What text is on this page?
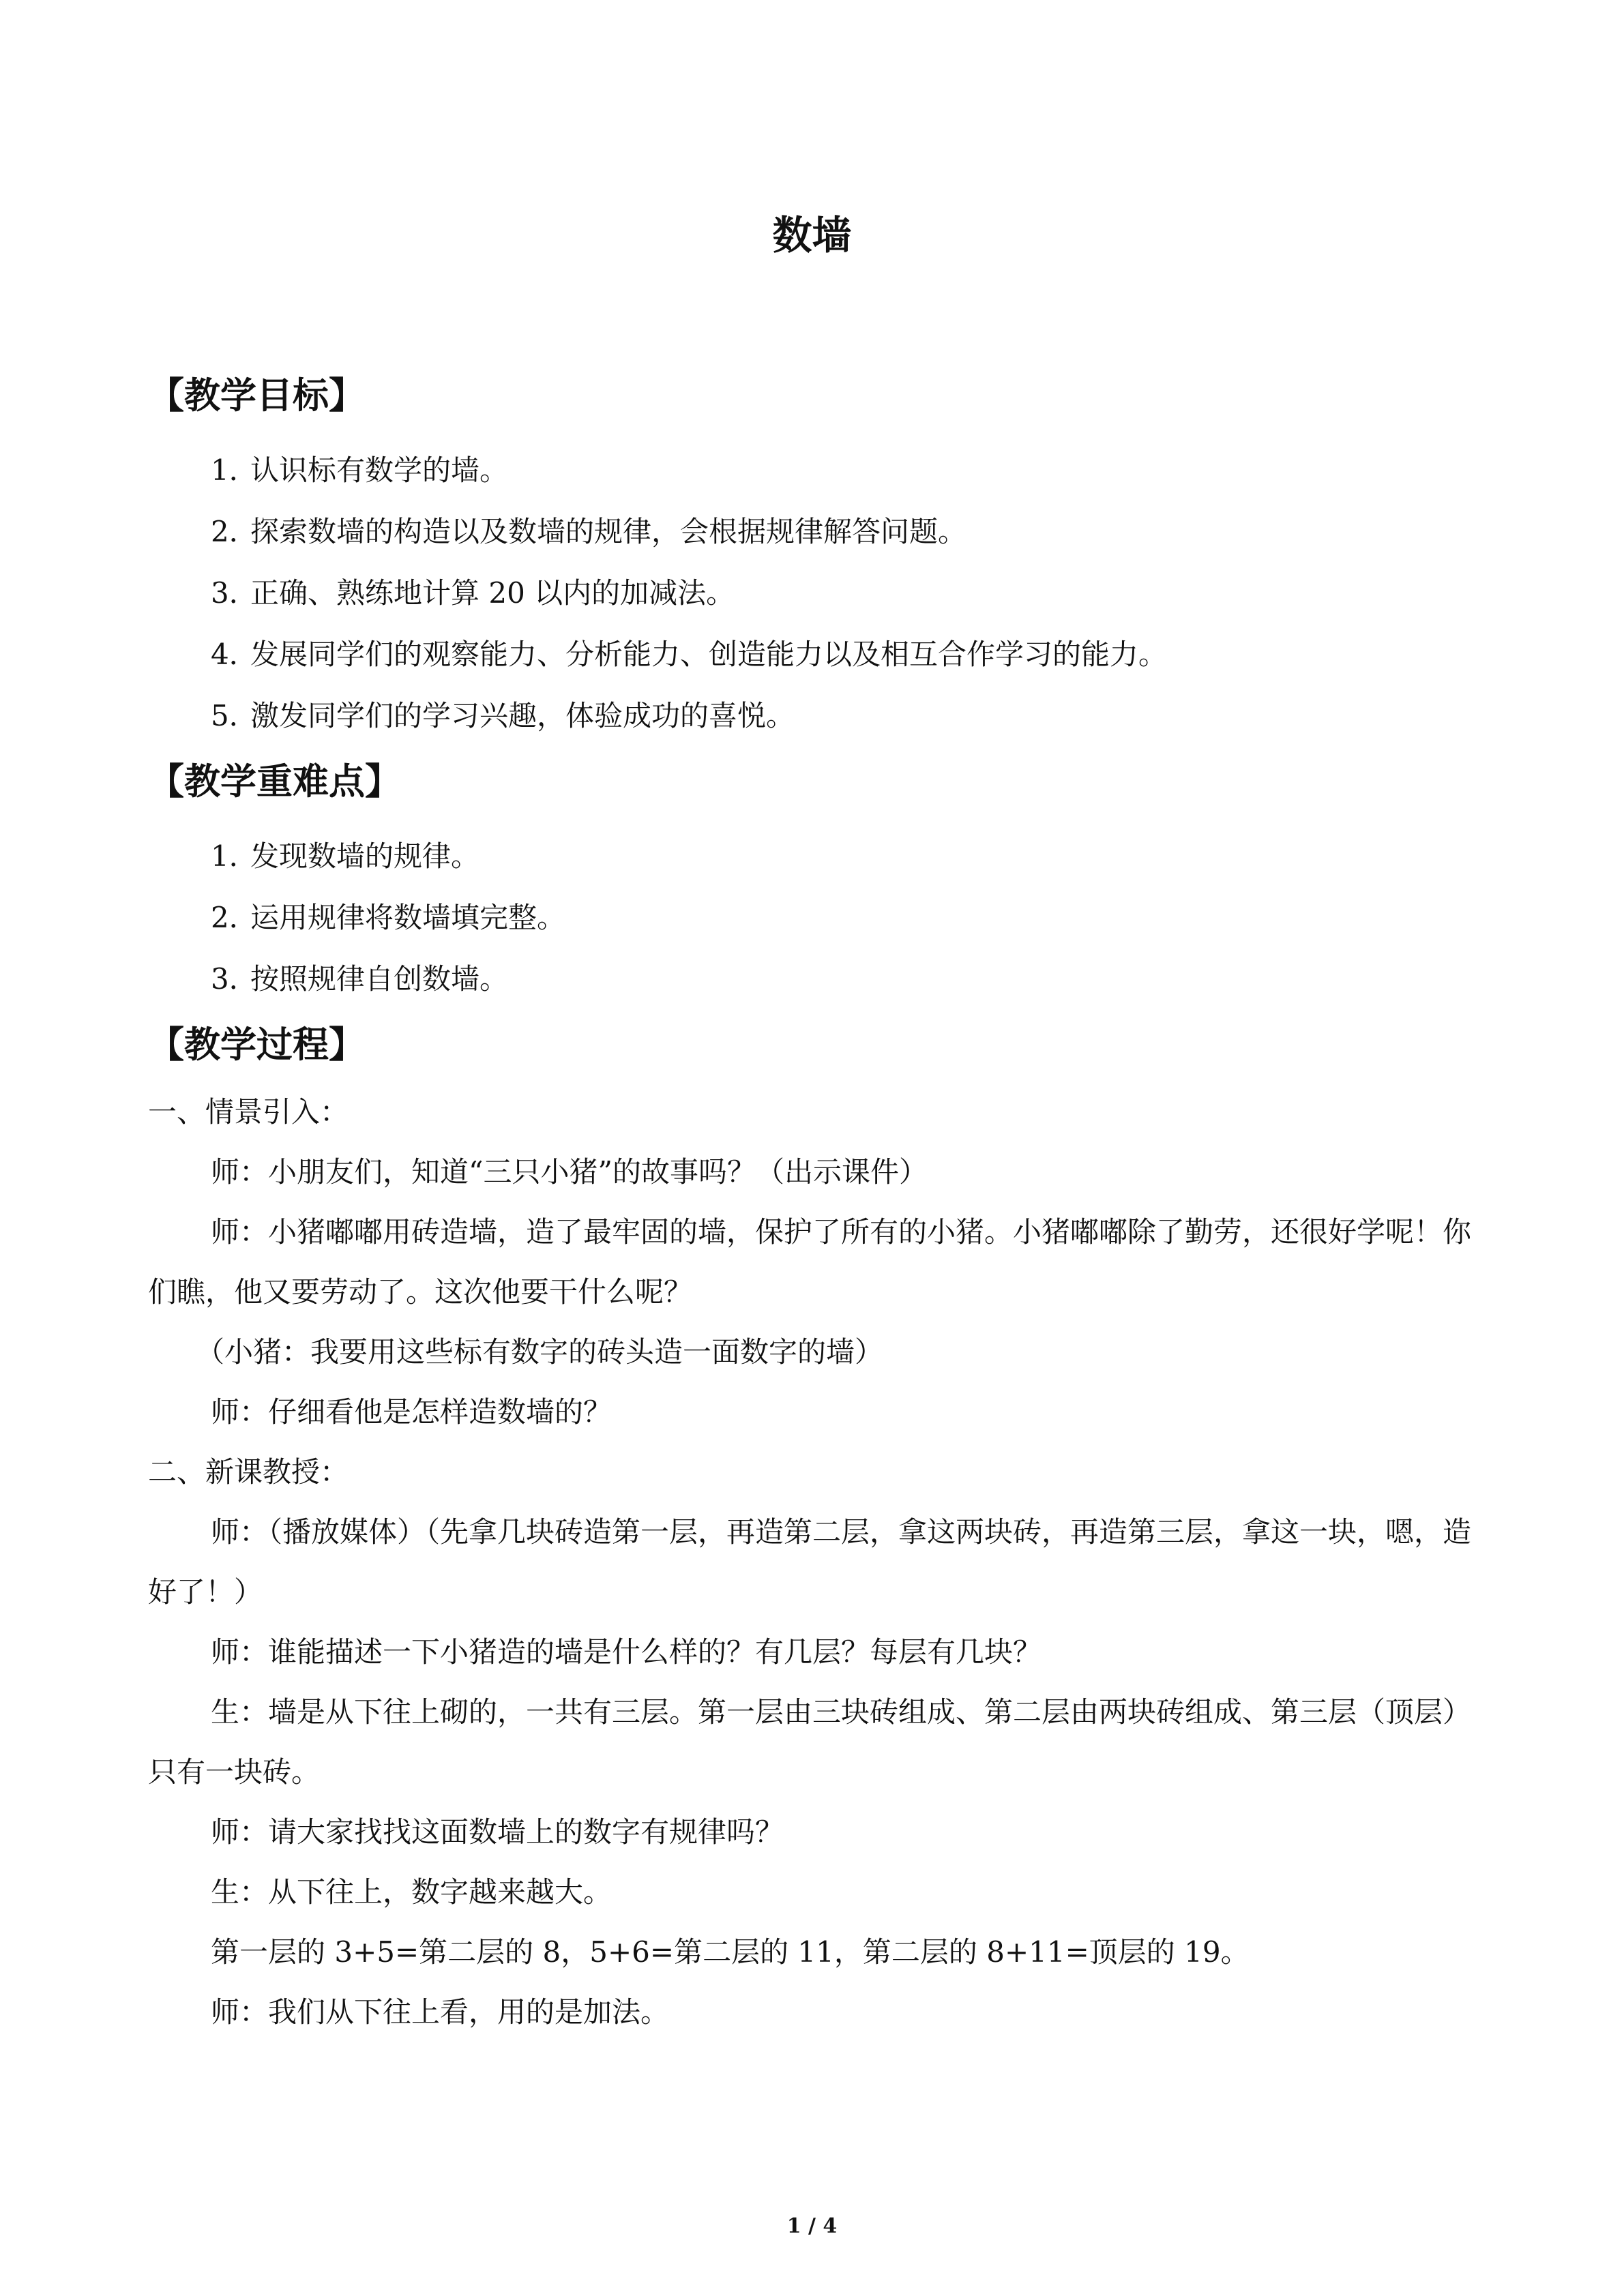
数墙
【教学目标】
1．认识标有数学的墙。
2．探索数墙的构造以及数墙的规律，会根据规律解答问题。
3．正确、熟练地计算 20 以内的加减法。
4．发展同学们的观察能力、分析能力、创造能力以及相互合作学习的能力。
5．激发同学们的学习兴趣，体验成功的喜悦。
【教学重难点】
1．发现数墙的规律。
2．运用规律将数墙填完整。
3．按照规律自创数墙。
【教学过程】

一、情景引入：

师：小朋友们，知道“三只小猪”的故事吗？（出示课件）

师：小猪嘟嘟用砖造墙，造了最牢固的墙，保护了所有的小猪。小猪嘟嘟除了勤劳，还很好学呢！你们瞧，他又要劳动了。这次他要干什么呢？

（小猪：我要用这些标有数字的砖头造一面数字的墙）

师：仔细看他是怎样造数墙的？

二、新课教授：

师：（播放媒体）（先拿几块砖造第一层，再造第二层，拿这两块砖，再造第三层，拿这一块，嗯，造好了！）

师：谁能描述一下小猪造的墙是什么样的？有几层？每层有几块？

生：墙是从下往上砌的，一共有三层。第一层由三块砖组成、第二层由两块砖组成、第三层（顶层）只有一块砖。

师：请大家找找这面数墙上的数字有规律吗？

生：从下往上，数字越来越大。

第一层的 3+5=第二层的 8，5+6=第二层的 11，第二层的 8+11=顶层的 19。

师：我们从下往上看，用的是加法。

1 / 4
